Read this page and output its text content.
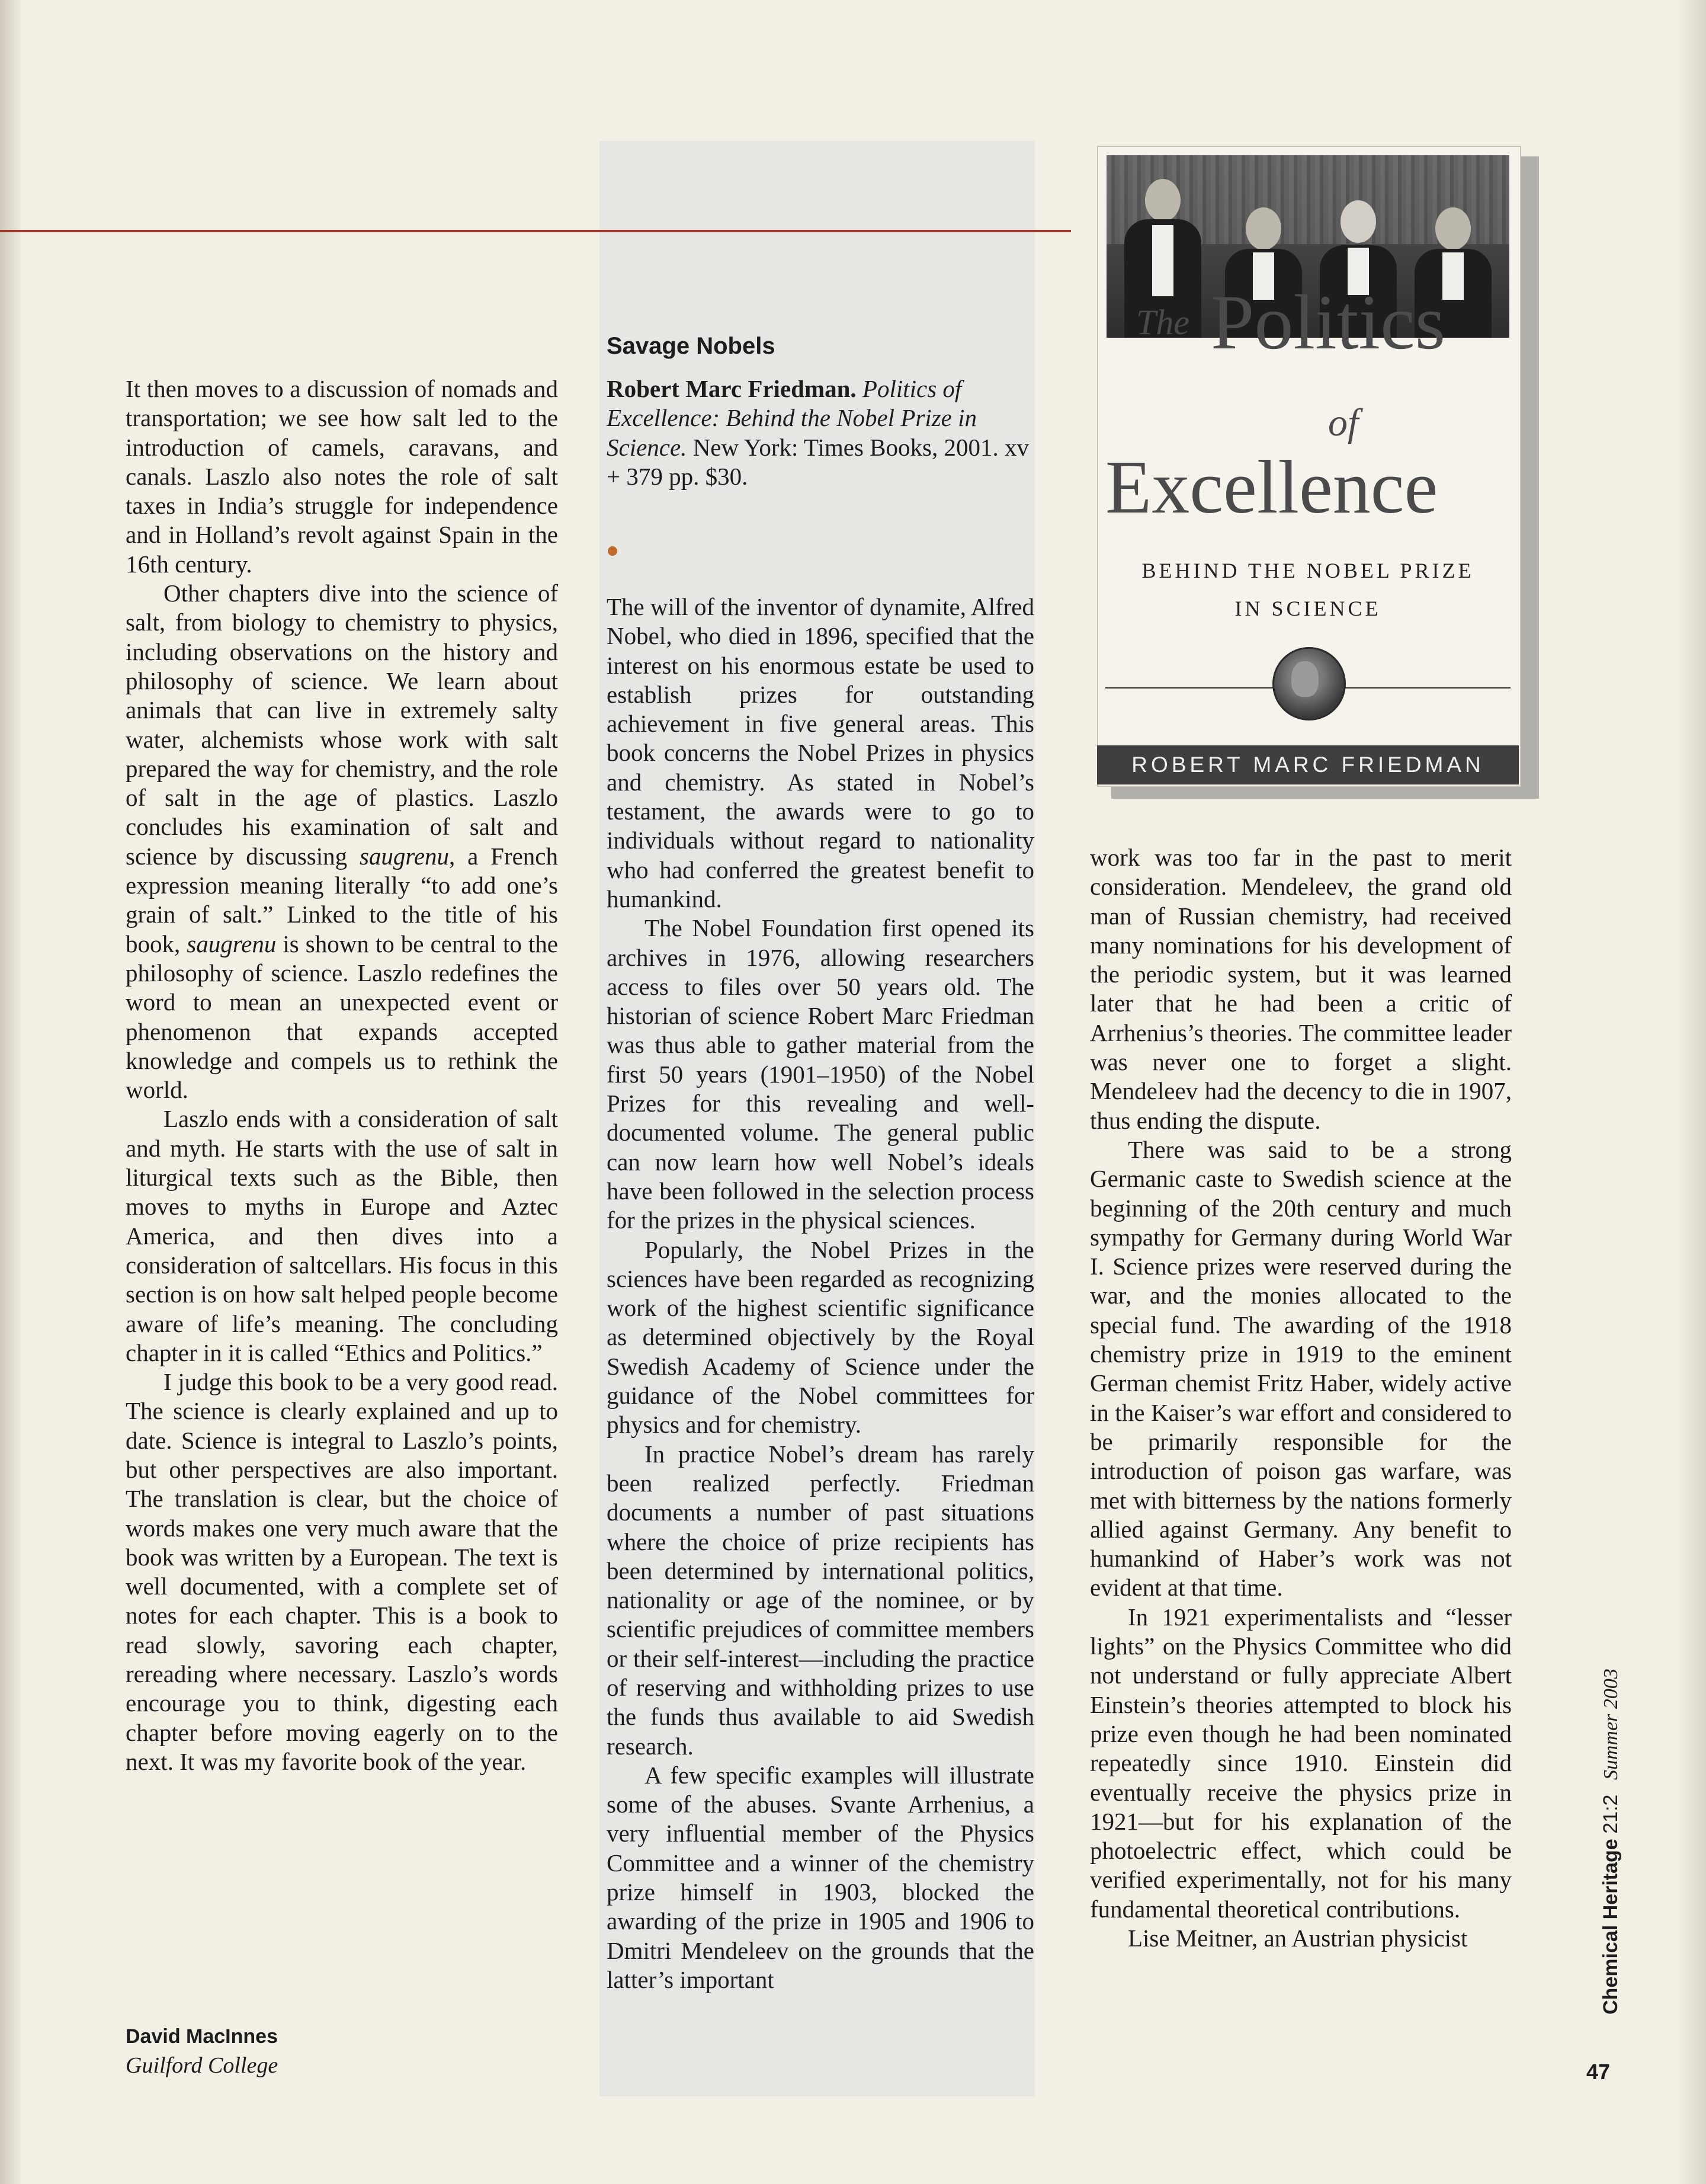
It then moves to a discussion of nomads and transportation; we see how salt led to the introduction of camels, caravans, and canals. Laszlo also notes the role of salt taxes in India’s struggle for independence and in Holland’s revolt against Spain in the 16th century.

Other chapters dive into the science of salt, from biology to chemistry to physics, including observations on the history and philosophy of science. We learn about animals that can live in extremely salty water, alchemists whose work with salt prepared the way for chemistry, and the role of salt in the age of plastics. Laszlo concludes his examination of salt and science by discussing saugrenu, a French expression meaning literally “to add one’s grain of salt.” Linked to the title of his book, saugrenu is shown to be central to the philosophy of science. Laszlo redefines the word to mean an unexpected event or phenomenon that expands accepted knowledge and compels us to rethink the world.

Laszlo ends with a consideration of salt and myth. He starts with the use of salt in liturgical texts such as the Bible, then moves to myths in Europe and Aztec America, and then dives into a consideration of saltcellars. His focus in this section is on how salt helped people become aware of life’s meaning. The concluding chapter in it is called “Ethics and Politics.”

I judge this book to be a very good read. The science is clearly explained and up to date. Science is integral to Laszlo’s points, but other perspectives are also important. The translation is clear, but the choice of words makes one very much aware that the book was written by a European. The text is well documented, with a complete set of notes for each chapter. This is a book to read slowly, savoring each chapter, rereading where necessary. Laszlo’s words encourage you to think, digesting each chapter before moving eagerly on to the next. It was my favorite book of the year.

David MacInnes
Guilford College
Savage Nobels
Robert Marc Friedman. Politics of Excellence: Behind the Nobel Prize in Science. New York: Times Books, 2001. xv + 379 pp. $30.

The will of the inventor of dynamite, Alfred Nobel, who died in 1896, specified that the interest on his enormous estate be used to establish prizes for outstanding achievement in five general areas. This book concerns the Nobel Prizes in physics and chemistry. As stated in Nobel’s testament, the awards were to go to individuals without regard to nationality who had conferred the greatest benefit to humankind.

The Nobel Foundation first opened its archives in 1976, allowing researchers access to files over 50 years old. The historian of science Robert Marc Friedman was thus able to gather material from the first 50 years (1901–1950) of the Nobel Prizes for this revealing and well-documented volume. The general public can now learn how well Nobel’s ideals have been followed in the selection process for the prizes in the physical sciences.

Popularly, the Nobel Prizes in the sciences have been regarded as recognizing work of the highest scientific significance as determined objectively by the Royal Swedish Academy of Science under the guidance of the Nobel committees for physics and for chemistry.

In practice Nobel’s dream has rarely been realized perfectly. Friedman documents a number of past situations where the choice of prize recipients has been determined by international politics, nationality or age of the nominee, or by scientific prejudices of committee members or their self-interest—including the practice of reserving and withholding prizes to use the funds thus available to aid Swedish research.

A few specific examples will illustrate some of the abuses. Svante Arrhenius, a very influential member of the Physics Committee and a winner of the chemistry prize himself in 1903, blocked the awarding of the prize in 1905 and 1906 to Dmitri Mendeleev on the grounds that the latter’s important

The Politics
of
Excellence
BEHIND THE NOBEL PRIZE
IN SCIENCE
ROBERT MARC FRIEDMAN

work was too far in the past to merit consideration. Mendeleev, the grand old man of Russian chemistry, had received many nominations for his development of the periodic system, but it was learned later that he had been a critic of Arrhenius’s theories. The committee leader was never one to forget a slight. Mendeleev had the decency to die in 1907, thus ending the dispute.

There was said to be a strong Germanic caste to Swedish science at the beginning of the 20th century and much sympathy for Germany during World War I. Science prizes were reserved during the war, and the monies allocated to the special fund. The awarding of the 1918 chemistry prize in 1919 to the eminent German chemist Fritz Haber, widely active in the Kaiser’s war effort and considered to be primarily responsible for the introduction of poison gas warfare, was met with bitterness by the nations formerly allied against Germany. Any benefit to humankind of Haber’s work was not evident at that time.

In 1921 experimentalists and “lesser lights” on the Physics Committee who did not understand or fully appreciate Albert Einstein’s theories attempted to block his prize even though he had been nominated repeatedly since 1910. Einstein did eventually receive the physics prize in 1921—but for his explanation of the photoelectric effect, which could be verified experimentally, not for his many fundamental theoretical contributions.

Lise Meitner, an Austrian physicist	Chemical Heritage 21:2 Summer 2003
47
